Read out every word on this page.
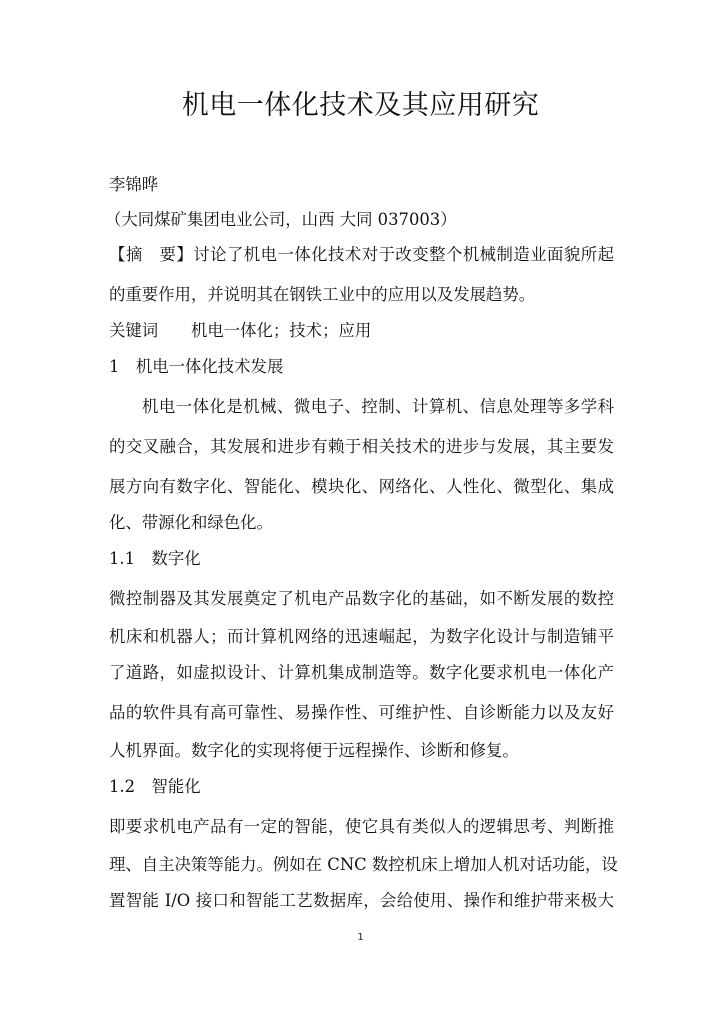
机电一体化技术及其应用研究
李锦晔
（大同煤矿集团电业公司，山西 大同 037003）
【摘　要】讨论了机电一体化技术对于改变整个机械制造业面貌所起
的重要作用，并说明其在钢铁工业中的应用以及发展趋势。
关键词　　机电一体化；技术；应用
1　机电一体化技术发展
机电一体化是机械、微电子、控制、计算机、信息处理等多学科
的交叉融合，其发展和进步有赖于相关技术的进步与发展，其主要发
展方向有数字化、智能化、模块化、网络化、人性化、微型化、集成
化、带源化和绿色化。
1.1　数字化
微控制器及其发展奠定了机电产品数字化的基础，如不断发展的数控
机床和机器人；而计算机网络的迅速崛起，为数字化设计与制造铺平
了道路，如虚拟设计、计算机集成制造等。数字化要求机电一体化产
品的软件具有高可靠性、易操作性、可维护性、自诊断能力以及友好
人机界面。数字化的实现将便于远程操作、诊断和修复。
1.2　智能化
即要求机电产品有一定的智能，使它具有类似人的逻辑思考、判断推
理、自主决策等能力。例如在 CNC 数控机床上增加人机对话功能，设
置智能 I/O 接口和智能工艺数据库，会给使用、操作和维护带来极大
1
